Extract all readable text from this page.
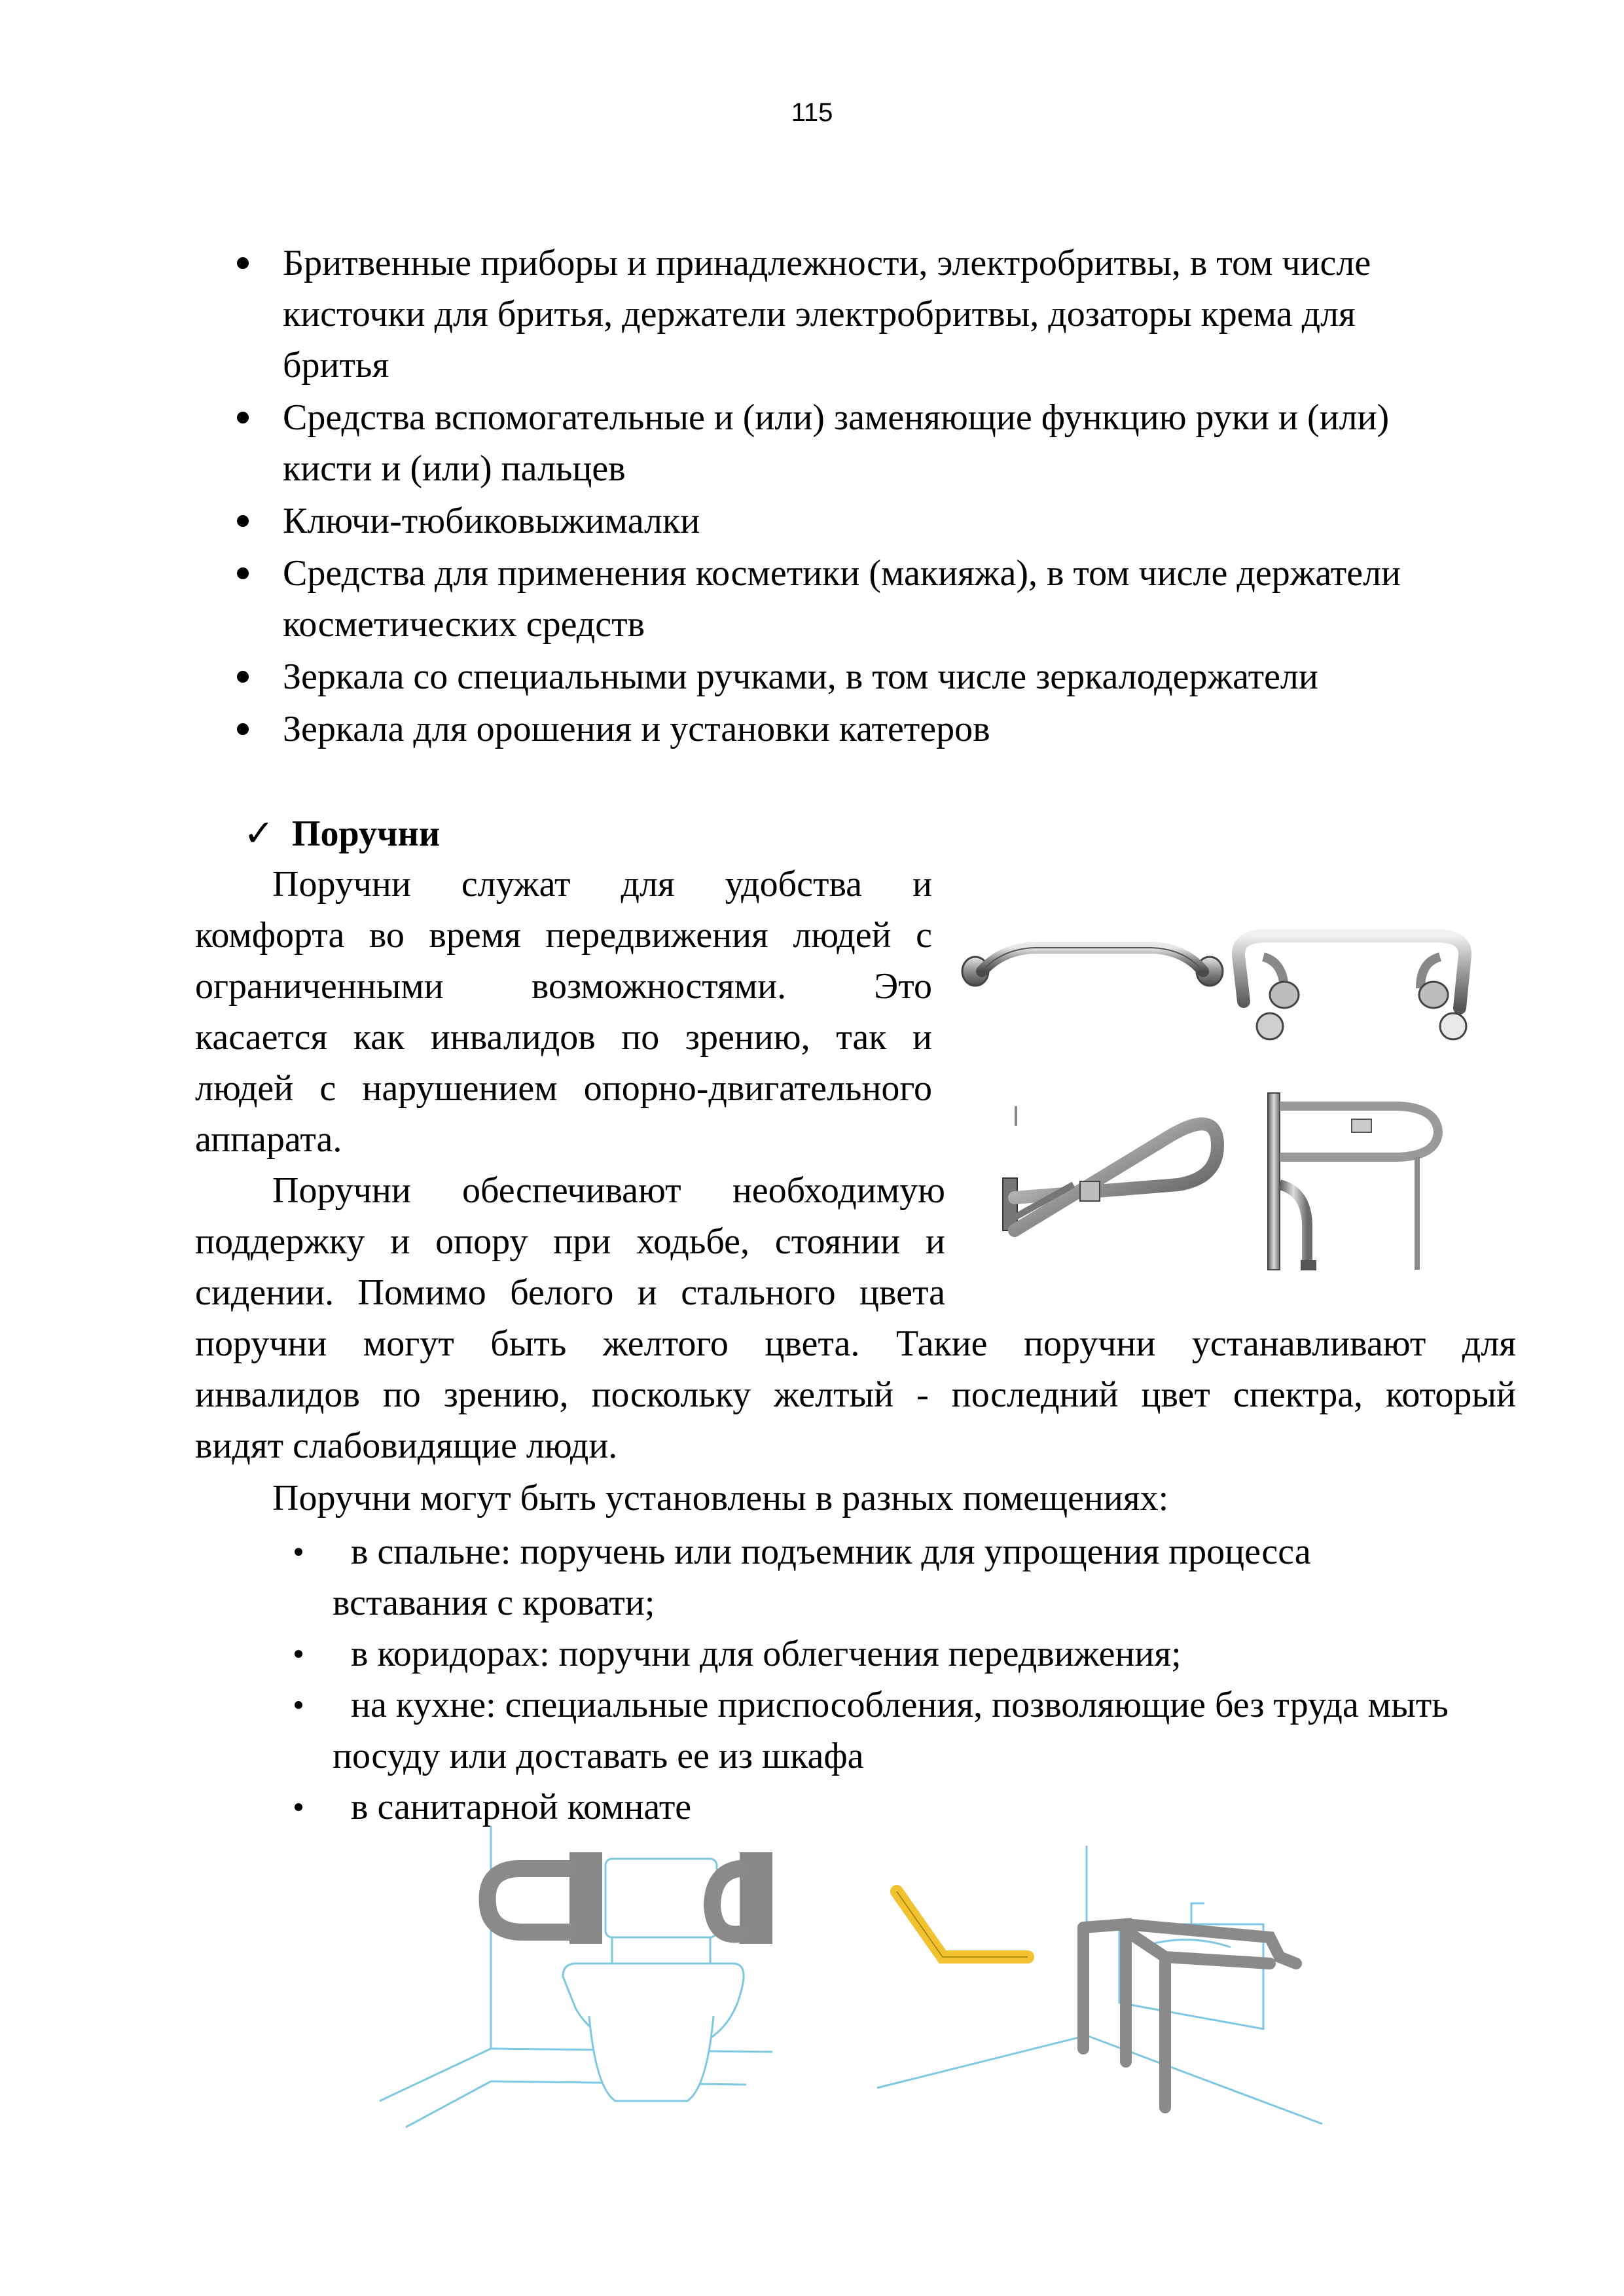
115
Бритвенные приборы и принадлежности, электробритвы, в том числе
кисточки для бритья, держатели электробритвы, дозаторы крема для
бритья
Средства вспомогательные и (или) заменяющие функцию руки и (или)
кисти и (или) пальцев
Ключи-тюбиковыжималки
Средства для применения косметики (макияжа), в том числе держатели
косметических средств
Зеркала со специальными ручками, в том числе зеркалодержатели
Зеркала для орошения и установки катетеров
✓ Поручни
Поручни служат для удобства и
комфорта во время передвижения людей с
ограниченными возможностями. Это
касается как инвалидов по зрению, так и
людей с нарушением опорно-двигательного
аппарата.
Поручни обеспечивают необходимую
поддержку и опору при ходьбе, стоянии и
сидении. Помимо белого и стального цвета
поручни могут быть желтого цвета. Такие поручни устанавливают для
инвалидов по зрению, поскольку желтый - последний цвет спектра, который
видят слабовидящие люди.
Поручни могут быть установлены в разных помещениях:
в спальне: поручень или подъемник для упрощения процесса
вставания с кровати;
в коридорах: поручни для облегчения передвижения;
на кухне: специальные приспособления, позволяющие без труда мыть
посуду или доставать ее из шкафа
в санитарной комнате
